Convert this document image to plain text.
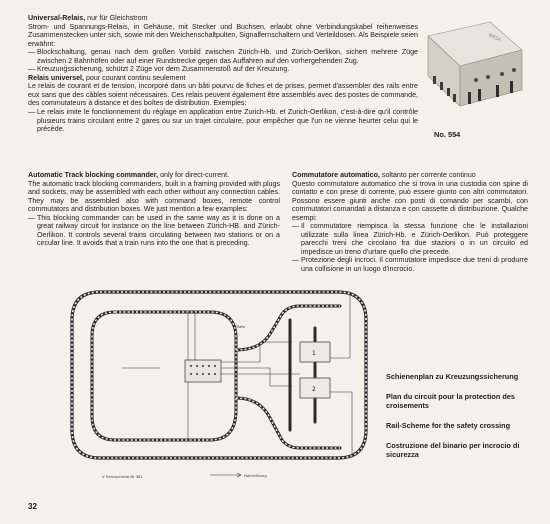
Universal-Relais, nur für Gleichstrom

Strom- und Spannungs-Relais, in Gehäuse, mit Stecker und Buchsen, erlaubt ohne Verbindungskabel reihenweises Zusammenstecken unter sich, sowie mit den Weichenschaltpulten, Signalfernschaltern und Verteildosen. Als Beispiele seien erwähnt:

— Blockschaltung, genau nach dem großen Vorbild zwischen Zürich-Hb. und Zürich-Oerlikon, sichert mehrere Züge zwischen 2 Bahnhöfen oder auf einer Rundstrecke gegen das Auffahren auf den vorhergehenden Zug.
— Kreuzungssicherung, schützt 2 Züge vor dem Zusammenstoß auf der Kreuzung.

Relais universel, pour courant continu seulement

Le relais de courant et de tension, incorporé dans un bâti pourvu de fiches et de prises, permet d'assembler des rails entre eux sans que des câbles soient nécessaires. Ces relais peuvent également être assemblés avec des postes de commande, des commutateurs à distance et des boîtes de distribution. Exemples:

— Le relais imite le fonctionnement du réglage en application entre Zurich-Hb. et Zurich-Oerlikon, c'est-à-dire qu'il contrôle plusieurs trains circulant entre 2 gares ou sur un trajet circulaire, pour empêcher que l'un ne vienne heurter celui qui le précède.
WESA
No. 554

Automatic Track blocking commander, only for direct-current.

The automatic track blocking commanders, built in a framing provided with plugs and sockets, may be assembled with each other without any connection cables. They may be assembled also with command boxes, remote control commutators and distribution boxes. We just mention a few examples:

— This blocking commander can be used in the same way as it is done on a great railway circuit for instance on the line between Zürich-HB. and Zürich-Oerlikon. It controls several trains circulating between two stations or on a circular line. It avoids that a train runs into the one that is preceding.

Commutatore automatico, soltanto per corrente continuo

Questo commutatore automatico che si trova in una custodia con spine di contatto e con prese di corrente, può essere giunto con altri commutatori. Possono essere giunti anche con posti di comando per scambi, con commutatori comandati a distanza e con cassette di distribuzione. Qualche esempi:

— Il commutatore riempisca la stessa funzione che le installazioni utilizzate sulla linea Zürich-Hb. e Zürich-Oerlikon. Può proteggere parecchi treni che circolano fra due stazioni o in un circuito ed impedisce un treno d'urtare quello che precede.
— Protezione degli incroci. Il commutatore impedisce due treni di produrre una collisione in un luogo d'incrocio.
1
2
Trafo
Ⅴ Trennschiene Nr 361	Fahrrichtung

Schienenplan zu Kreuzungssicherung

Plan du circuit pour la protection des croisements

Rail-Scheme for the safety crossing

Costruzione del binario per incrocio di sicurezza

32
